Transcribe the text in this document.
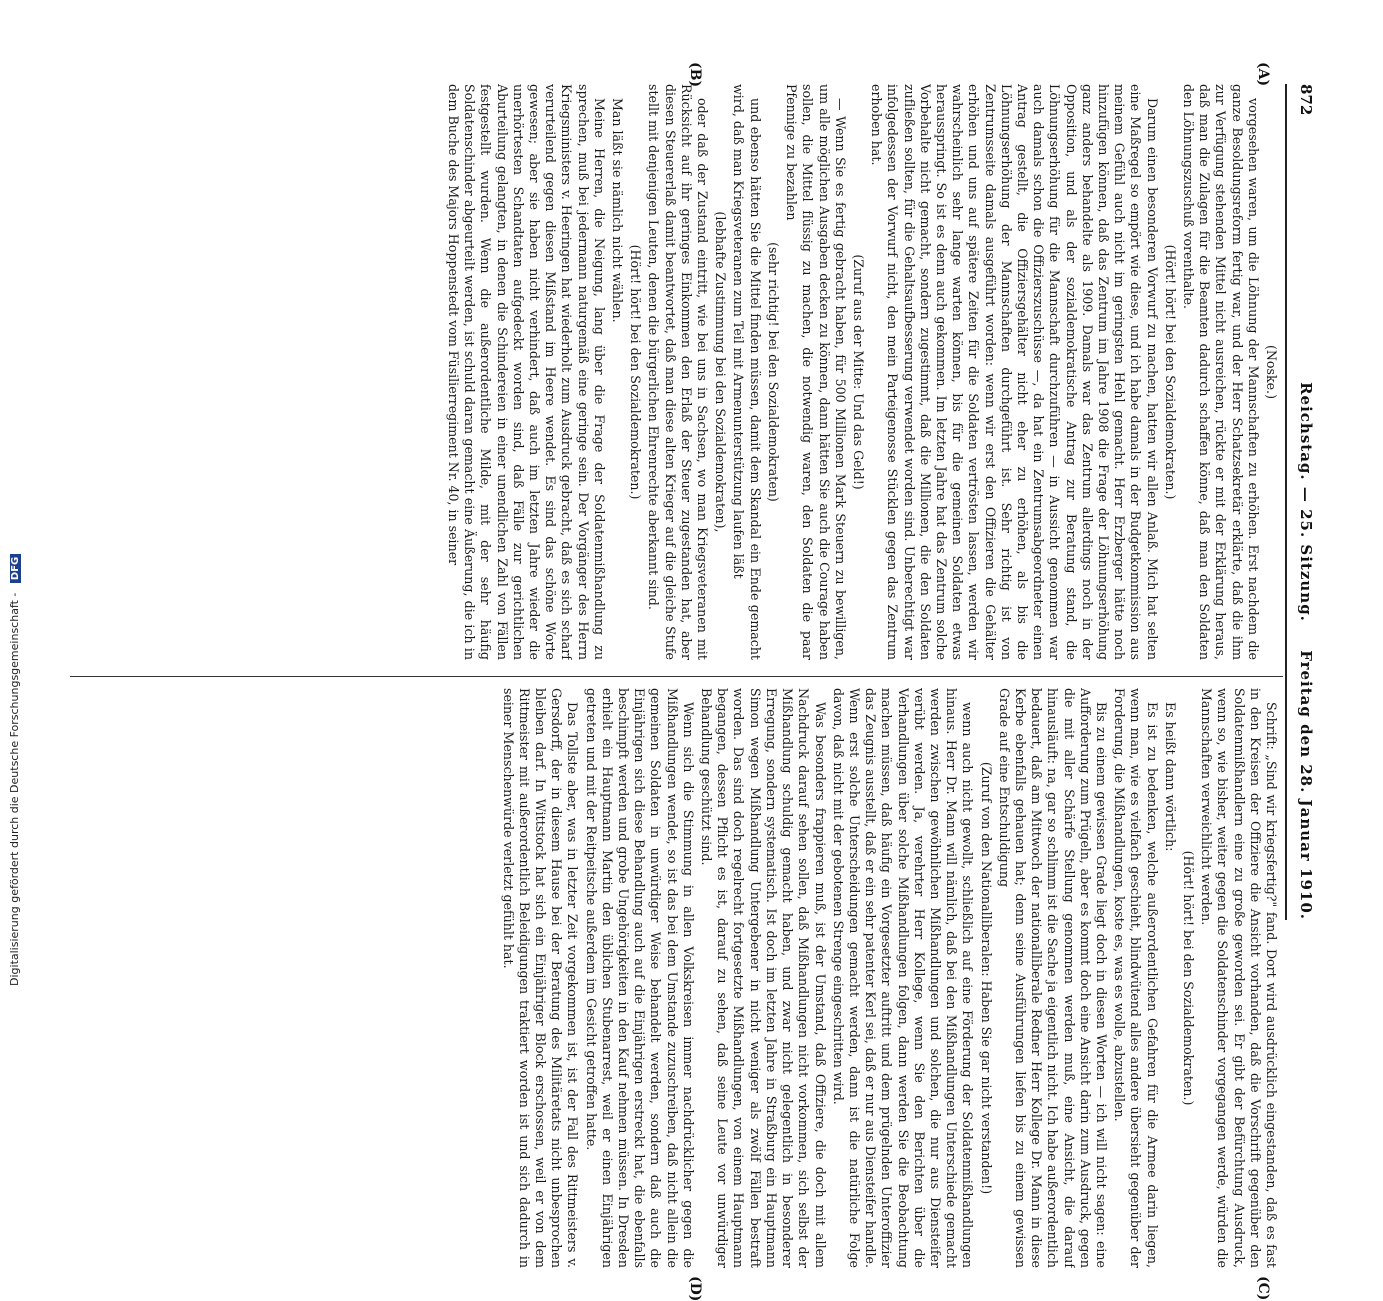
872
Reichstag. — 25. Sitzung.
Freitag den 28. Januar 1910.
(A)
(B)
(C)
(D)

(Noske.)

vorgesehen waren, um die Löhnung der Mannschaften zu erhöhen. Erst nachdem die ganze Besoldungsreform fertig war, und der Herr Schatzsekretär erklärte, daß die ihm zur Verfügung stehenden Mittel nicht ausreichen, rückte er mit der Erklärung heraus, daß man die Zulagen für die Beamten dadurch schaffen könne, daß man den Soldaten den Löhnungszuschuß vorenthalte.

(Hört! hört! bei den Sozialdemokraten.)

Darum einen besonderen Vorwurf zu machen, hatten wir allen Anlaß. Mich hat selten eine Maßregel so empört wie diese, und ich habe damals in der Budgetkommission aus meinem Gefühl auch nicht im geringsten Hehl gemacht. Herr Erzberger hätte noch hinzufügen können, daß das Zentrum im Jahre 1908 die Frage der Löhnungserhöhung ganz anders behandelte als 1909. Damals war das Zentrum allerdings noch in der Opposition, und als der sozialdemokratische Antrag zur Beratung stand, die Löhnungserhöhung für die Mannschaft durchzuführen — in Aussicht genommen war auch damals schon die Offizierszuschüsse —, da hat ein Zentrumsabgeordneter einen Antrag gestellt, die Offiziersgehälter nicht eher zu erhöhen, als bis die Löhnungserhöhung der Mannschaften durchgeführt ist. Sehr richtig ist von Zentrumsseite damals ausgeführt worden: wenn wir erst den Offizieren die Gehälter erhöhen und uns auf spätere Zeiten für die Soldaten vertrösten lassen, werden wir wahrscheinlich sehr lange warten können, bis für die gemeinen Soldaten etwas herausspringt. So ist es denn auch gekommen. Im letzten Jahre hat das Zentrum solche Vorbehalte nicht gemacht, sondern zugestimmt, daß die Millionen, die den Soldaten zufließen sollten, für die Gehaltsaufbesserung verwendet worden sind. Unberechtigt war infolgedessen der Vorwurf nicht, den mein Parteigenosse Stücklen gegen das Zentrum erhoben hat.

(Zuruf aus der Mitte: Und das Geld!)

— Wenn Sie es fertig gebracht haben, für 500 Millionen Mark Steuern zu bewilligen, um alle möglichen Ausgaben decken zu können, dann hätten Sie auch die Courage haben sollen, die Mittel flüssig zu machen, die notwendig waren, den Soldaten die paar Pfennige zu bezahlen

(sehr richtig! bei den Sozialdemokraten)

und ebenso hätten Sie die Mittel finden müssen, damit dem Skandal ein Ende gemacht wird, daß man Kriegsveteranen zum Teil mit Armenunterstützung laufen läßt

(lebhafte Zustimmung bei den Sozialdemokraten),

oder daß der Zustand eintritt, wie bei uns in Sachsen, wo man Kriegsveteranen mit Rücksicht auf ihr geringes Einkommen den Erlaß der Steuer zugestanden hat, aber diesen Steuererlaß damit beantwortet, daß man diese alten Krieger auf die gleiche Stufe stellt mit denjenigen Leuten, denen die bürgerlichen Ehrenrechte aberkannt sind.

(Hört! hört! bei den Sozialdemokraten.)

Man läßt sie nämlich nicht wählen.

Meine Herren, die Neigung, lang über die Frage der Soldatenmißhandlung zu sprechen, muß bei jedermann naturgemäß eine geringe sein. Der Vorgänger des Herrn Kriegsministers v. Heeringen hat wiederholt zum Ausdruck gebracht, daß es sich scharf verurteilend gegen diesen Mißstand im Heere wendet. Es sind das schöne Worte gewesen; aber sie haben nicht verhindert, daß auch im letzten Jahre wieder die unerhörtesten Schandtaten aufgedeckt worden sind, daß Fälle zur gerichtlichen Aburteilung gelangten, in denen die Schindereien in einer unendlichen Zahl von Fällen festgestellt wurden. Wenn die außerordentliche Milde, mit der sehr häufig Soldatenschinder abgeurteilt werden, ist schuld daran gemacht eine Äußerung, die ich in dem Buche des Majors Hoppenstedt vom Füsilierregiment Nr. 40, in seiner

Schrift: „Sind wir kriegsfertig?" fand. Dort wird ausdrücklich eingestanden, daß es fast in den Kreisen der Offiziere die Ansicht vorhanden, daß die Vorschrift gegenüber den Soldatenmißhandlern eine zu große geworden sei. Er gibt der Befürchtung Ausdruck, wenn so, wie bisher, weiter gegen die Soldatenschinder vorgegangen werde, würden die Mannschaften verweichlicht werden.

(Hört! hört! bei den Sozialdemokraten.)

Es heißt dann wörtlich:

Es ist zu bedenken, welche außerordentlichen Gefahren für die Armee darin liegen, wenn man, wie es vielfach geschieht, blindwütend alles andere übersieht gegenüber der Forderung, die Mißhandlungen, koste es, was es wolle, abzustellen.

Bis zu einem gewissen Grade liegt doch in diesen Worten — ich will nicht sagen: eine Aufforderung zum Prügeln, aber es kommt doch eine Ansicht darin zum Ausdruck, gegen die mit aller Schärfe Stellung genommen werden muß, eine Ansicht, die darauf hinausläuft: na, gar so schlimm ist die Sache ja eigentlich nicht. Ich habe außerordentlich bedauert, daß am Mittwoch der nationalliberale Redner Herr Kollege Dr. Mann in diese Kerbe ebenfalls gehauen hat; denn seine Ausführungen liefen bis zu einem gewissen Grade auf eine Entschuldigung

(Zuruf von den Nationalliberalen: Haben Sie gar nicht verstanden!)

wenn auch nicht gewollt, schließlich auf eine Förderung der Soldatenmißhandlungen hinaus. Herr Dr. Mann will nämlich, daß bei den Mißhandlungen Unterschiede gemacht werden zwischen gewöhnlichen Mißhandlungen und solchen, die nur aus Diensteifer verübt werden. Ja, verehrter Herr Kollege, wenn Sie den Berichten über die Verhandlungen über solche Mißhandlungen folgen, dann werden Sie die Beobachtung machen müssen, daß häufig ein Vorgesetzter auftritt und dem prügelnden Unteroffizier das Zeugnis ausstellt, daß er ein sehr patenter Kerl sei, daß er nur aus Diensteifer handle. Wenn erst solche Unterscheidungen gemacht werden, dann ist die natürliche Folge davon, daß nicht mit der gebotenen Strenge eingeschritten wird.

Was besonders frappieren muß, ist der Umstand, daß Offiziere, die doch mit allem Nachdruck darauf sehen sollen, daß Mißhandlungen nicht vorkommen, sich selbst der Mißhandlung schuldig gemacht haben, und zwar nicht gelegentlich in besonderer Erregung, sondern systematisch. Ist doch im letzten Jahre in Straßburg ein Hauptmann Simon wegen Mißhandlung Untergebener in nicht weniger als zwölf Fällen bestraft worden. Das sind doch regelrecht fortgesetzte Mißhandlungen, von einem Hauptmann begangen, dessen Pflicht es ist, darauf zu sehen, daß seine Leute vor unwürdiger Behandlung geschützt sind.

Wenn sich die Stimmung in allen Volkskreisen immer nachdrücklicher gegen die Mißhandlungen wendet, so ist das bei dem Umstande zuzuschreiben, daß nicht allein die gemeinen Soldaten in unwürdiger Weise behandelt werden, sondern daß auch die Einjährigen sich diese Behandlung auch auf die Einjährigen erstreckt hat, die ebenfalls beschimpft werden und grobe Ungehörigkeiten in den Kauf nehmen müssen. In Dresden erhielt ein Hauptmann Martin den üblichen Stubenarrest, weil er einen Einjährigen getreten und mit der Reitpeitsche außerdem im Gesicht getroffen hatte.

Das Tollste aber, was in letzter Zeit vorgekommen ist, ist der Fall des Rittmeisters v. Gersdorff, der in diesem Hause bei der Beratung des Militäretats nicht unbesprochen bleiben darf. In Wittstock hat sich ein Einjähriger Block erschossen, weil er von dem Rittmeister mit außerordentlich Beleidigungen traktiert worden ist und sich dadurch in seiner Menschenwürde verletzt gefühlt hat.

Digitalisierung gefördert durch die Deutsche Forschungsgemeinschaft - DFG
